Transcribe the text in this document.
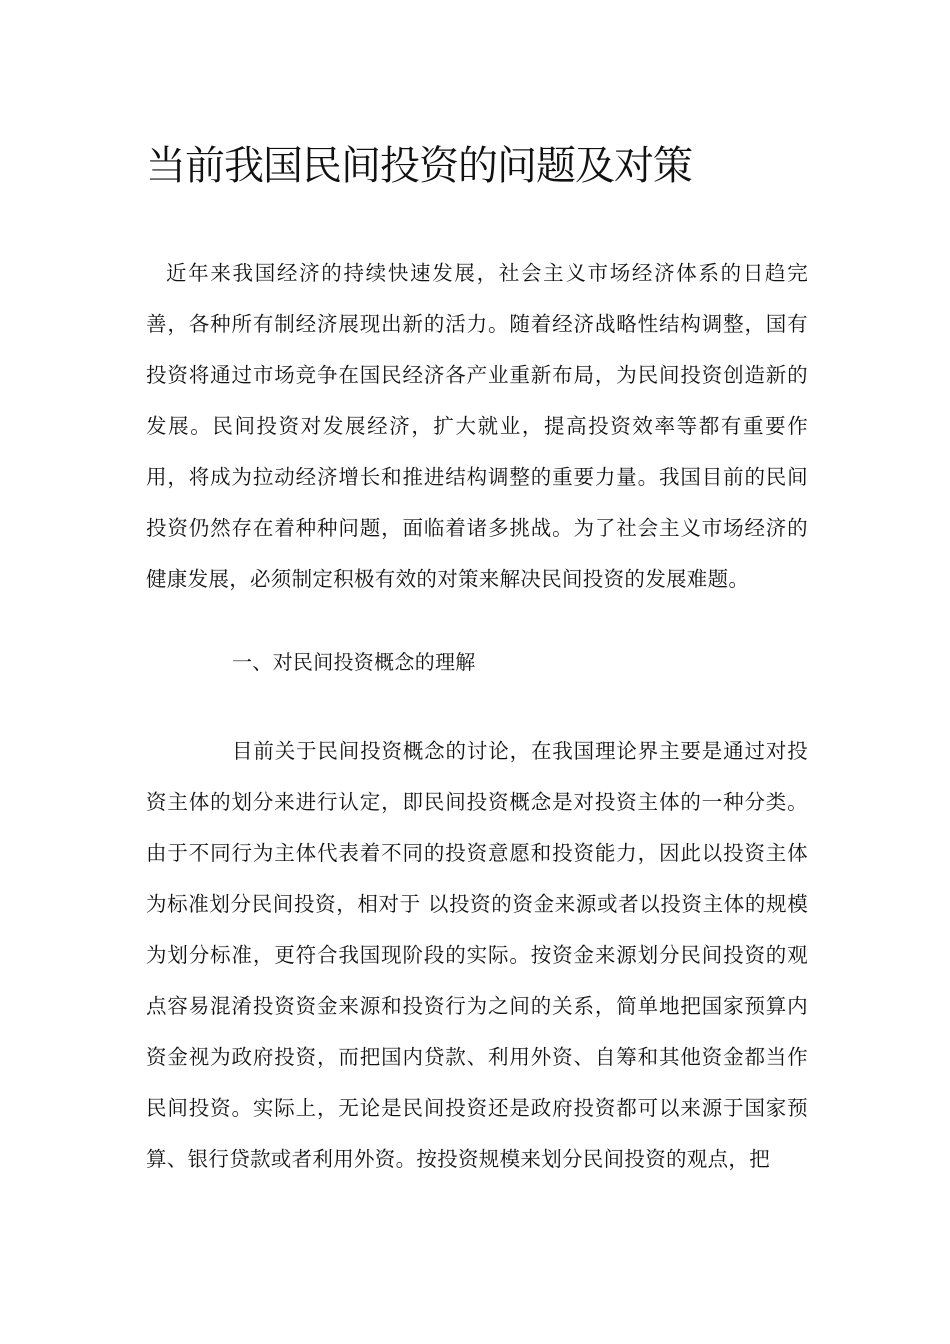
当前我国民间投资的问题及对策

近年来我国经济的持续快速发展，社会主义市场经济体系的日趋完善，各种所有制经济展现出新的活力。随着经济战略性结构调整，国有投资将通过市场竞争在国民经济各产业重新布局，为民间投资创造新的发展。民间投资对发展经济，扩大就业，提高投资效率等都有重要作用，将成为拉动经济增长和推进结构调整的重要力量。我国目前的民间投资仍然存在着种种问题，面临着诸多挑战。为了社会主义市场经济的健康发展，必须制定积极有效的对策来解决民间投资的发展难题。

一、对民间投资概念的理解

目前关于民间投资概念的讨论，在我国理论界主要是通过对投资主体的划分来进行认定，即民间投资概念是对投资主体的一种分类。由于不同行为主体代表着不同的投资意愿和投资能力，因此以投资主体为标准划分民间投资，相对于 以投资的资金来源或者以投资主体的规模为划分标准，更符合我国现阶段的实际。按资金来源划分民间投资的观点容易混淆投资资金来源和投资行为之间的关系，简单地把国家预算内资金视为政府投资，而把国内贷款、利用外资、自筹和其他资金都当作民间投资。实际上，无论是民间投资还是政府投资都可以来源于国家预算、银行贷款或者利用外资。按投资规模来划分民间投资的观点，把
